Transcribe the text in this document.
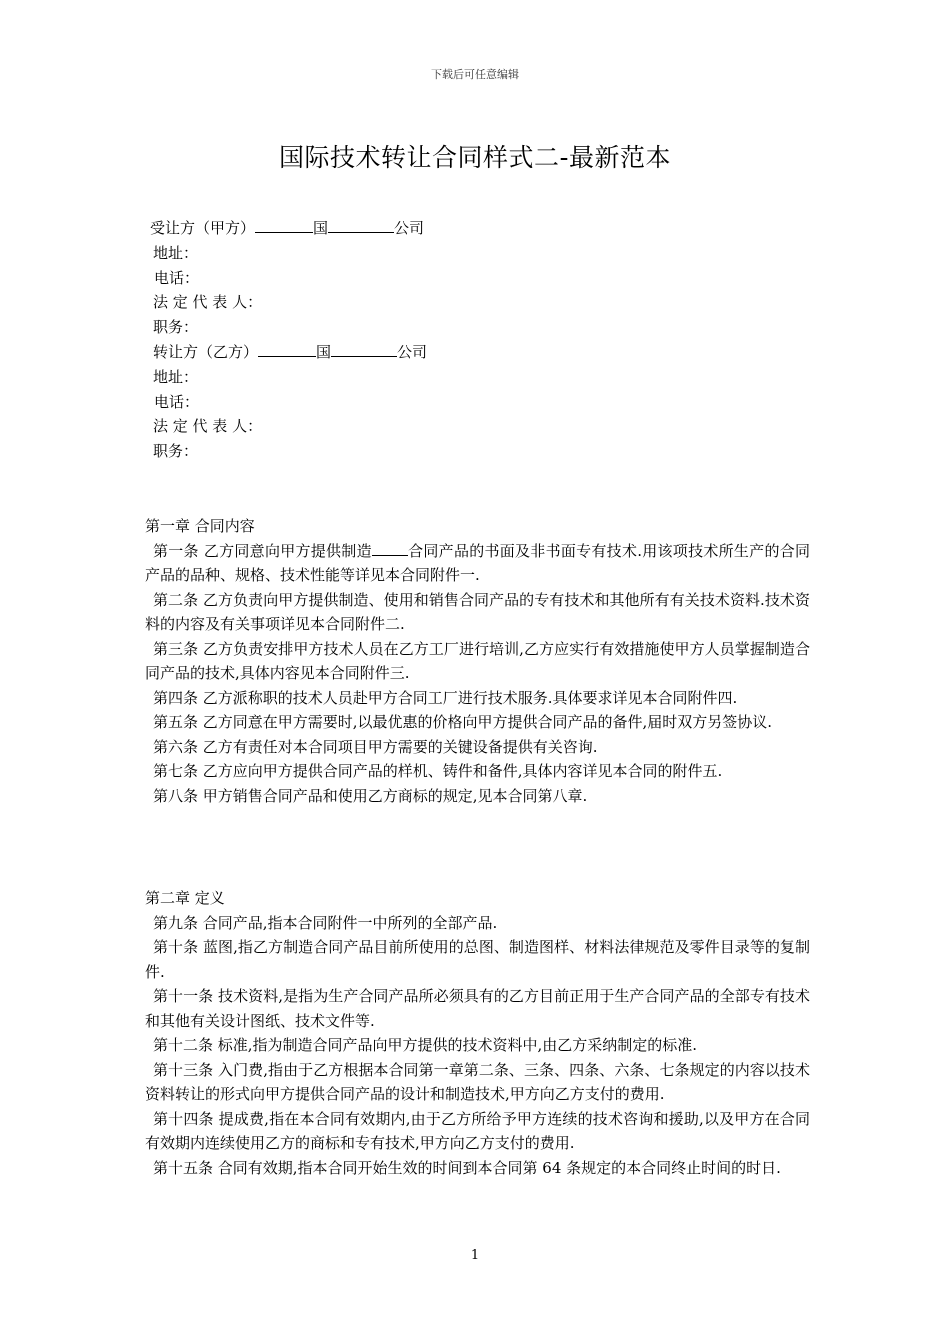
下载后可任意编辑
国际技术转让合同样式二-最新范本
受让方（甲方）	国	公司
地址：
电话：
法 定 代 表 人：
职务：
转让方（乙方）	国	公司
地址：
电话：
法 定 代 表 人：
职务：

第一章 合同内容

第一条 乙方同意向甲方提供制造 合同产品的书面及非书面专有技术.用该项技术所生产的合同产品的品种、规格、技术性能等详见本合同附件一.

第二条 乙方负责向甲方提供制造、使用和销售合同产品的专有技术和其他所有有关技术资料.技术资料的内容及有关事项详见本合同附件二.

第三条 乙方负责安排甲方技术人员在乙方工厂进行培训,乙方应实行有效措施使甲方人员掌握制造合同产品的技术,具体内容见本合同附件三.

第四条 乙方派称职的技术人员赴甲方合同工厂进行技术服务.具体要求详见本合同附件四.

第五条 乙方同意在甲方需要时,以最优惠的价格向甲方提供合同产品的备件,届时双方另签协议.

第六条 乙方有责任对本合同项目甲方需要的关键设备提供有关咨询.

第七条 乙方应向甲方提供合同产品的样机、铸件和备件,具体内容详见本合同的附件五.

第八条 甲方销售合同产品和使用乙方商标的规定,见本合同第八章.

第二章 定义

第九条 合同产品,指本合同附件一中所列的全部产品.

第十条 蓝图,指乙方制造合同产品目前所使用的总图、制造图样、材料法律规范及零件目录等的复制件.

第十一条 技术资料,是指为生产合同产品所必须具有的乙方目前正用于生产合同产品的全部专有技术和其他有关设计图纸、技术文件等.

第十二条 标准,指为制造合同产品向甲方提供的技术资料中,由乙方采纳制定的标准.

第十三条 入门费,指由于乙方根据本合同第一章第二条、三条、四条、六条、七条规定的内容以技术资料转让的形式向甲方提供合同产品的设计和制造技术,甲方向乙方支付的费用.

第十四条 提成费,指在本合同有效期内,由于乙方所给予甲方连续的技术咨询和援助,以及甲方在合同有效期内连续使用乙方的商标和专有技术,甲方向乙方支付的费用.

第十五条 合同有效期,指本合同开始生效的时间到本合同第 64 条规定的本合同终止时间的时日.

1
